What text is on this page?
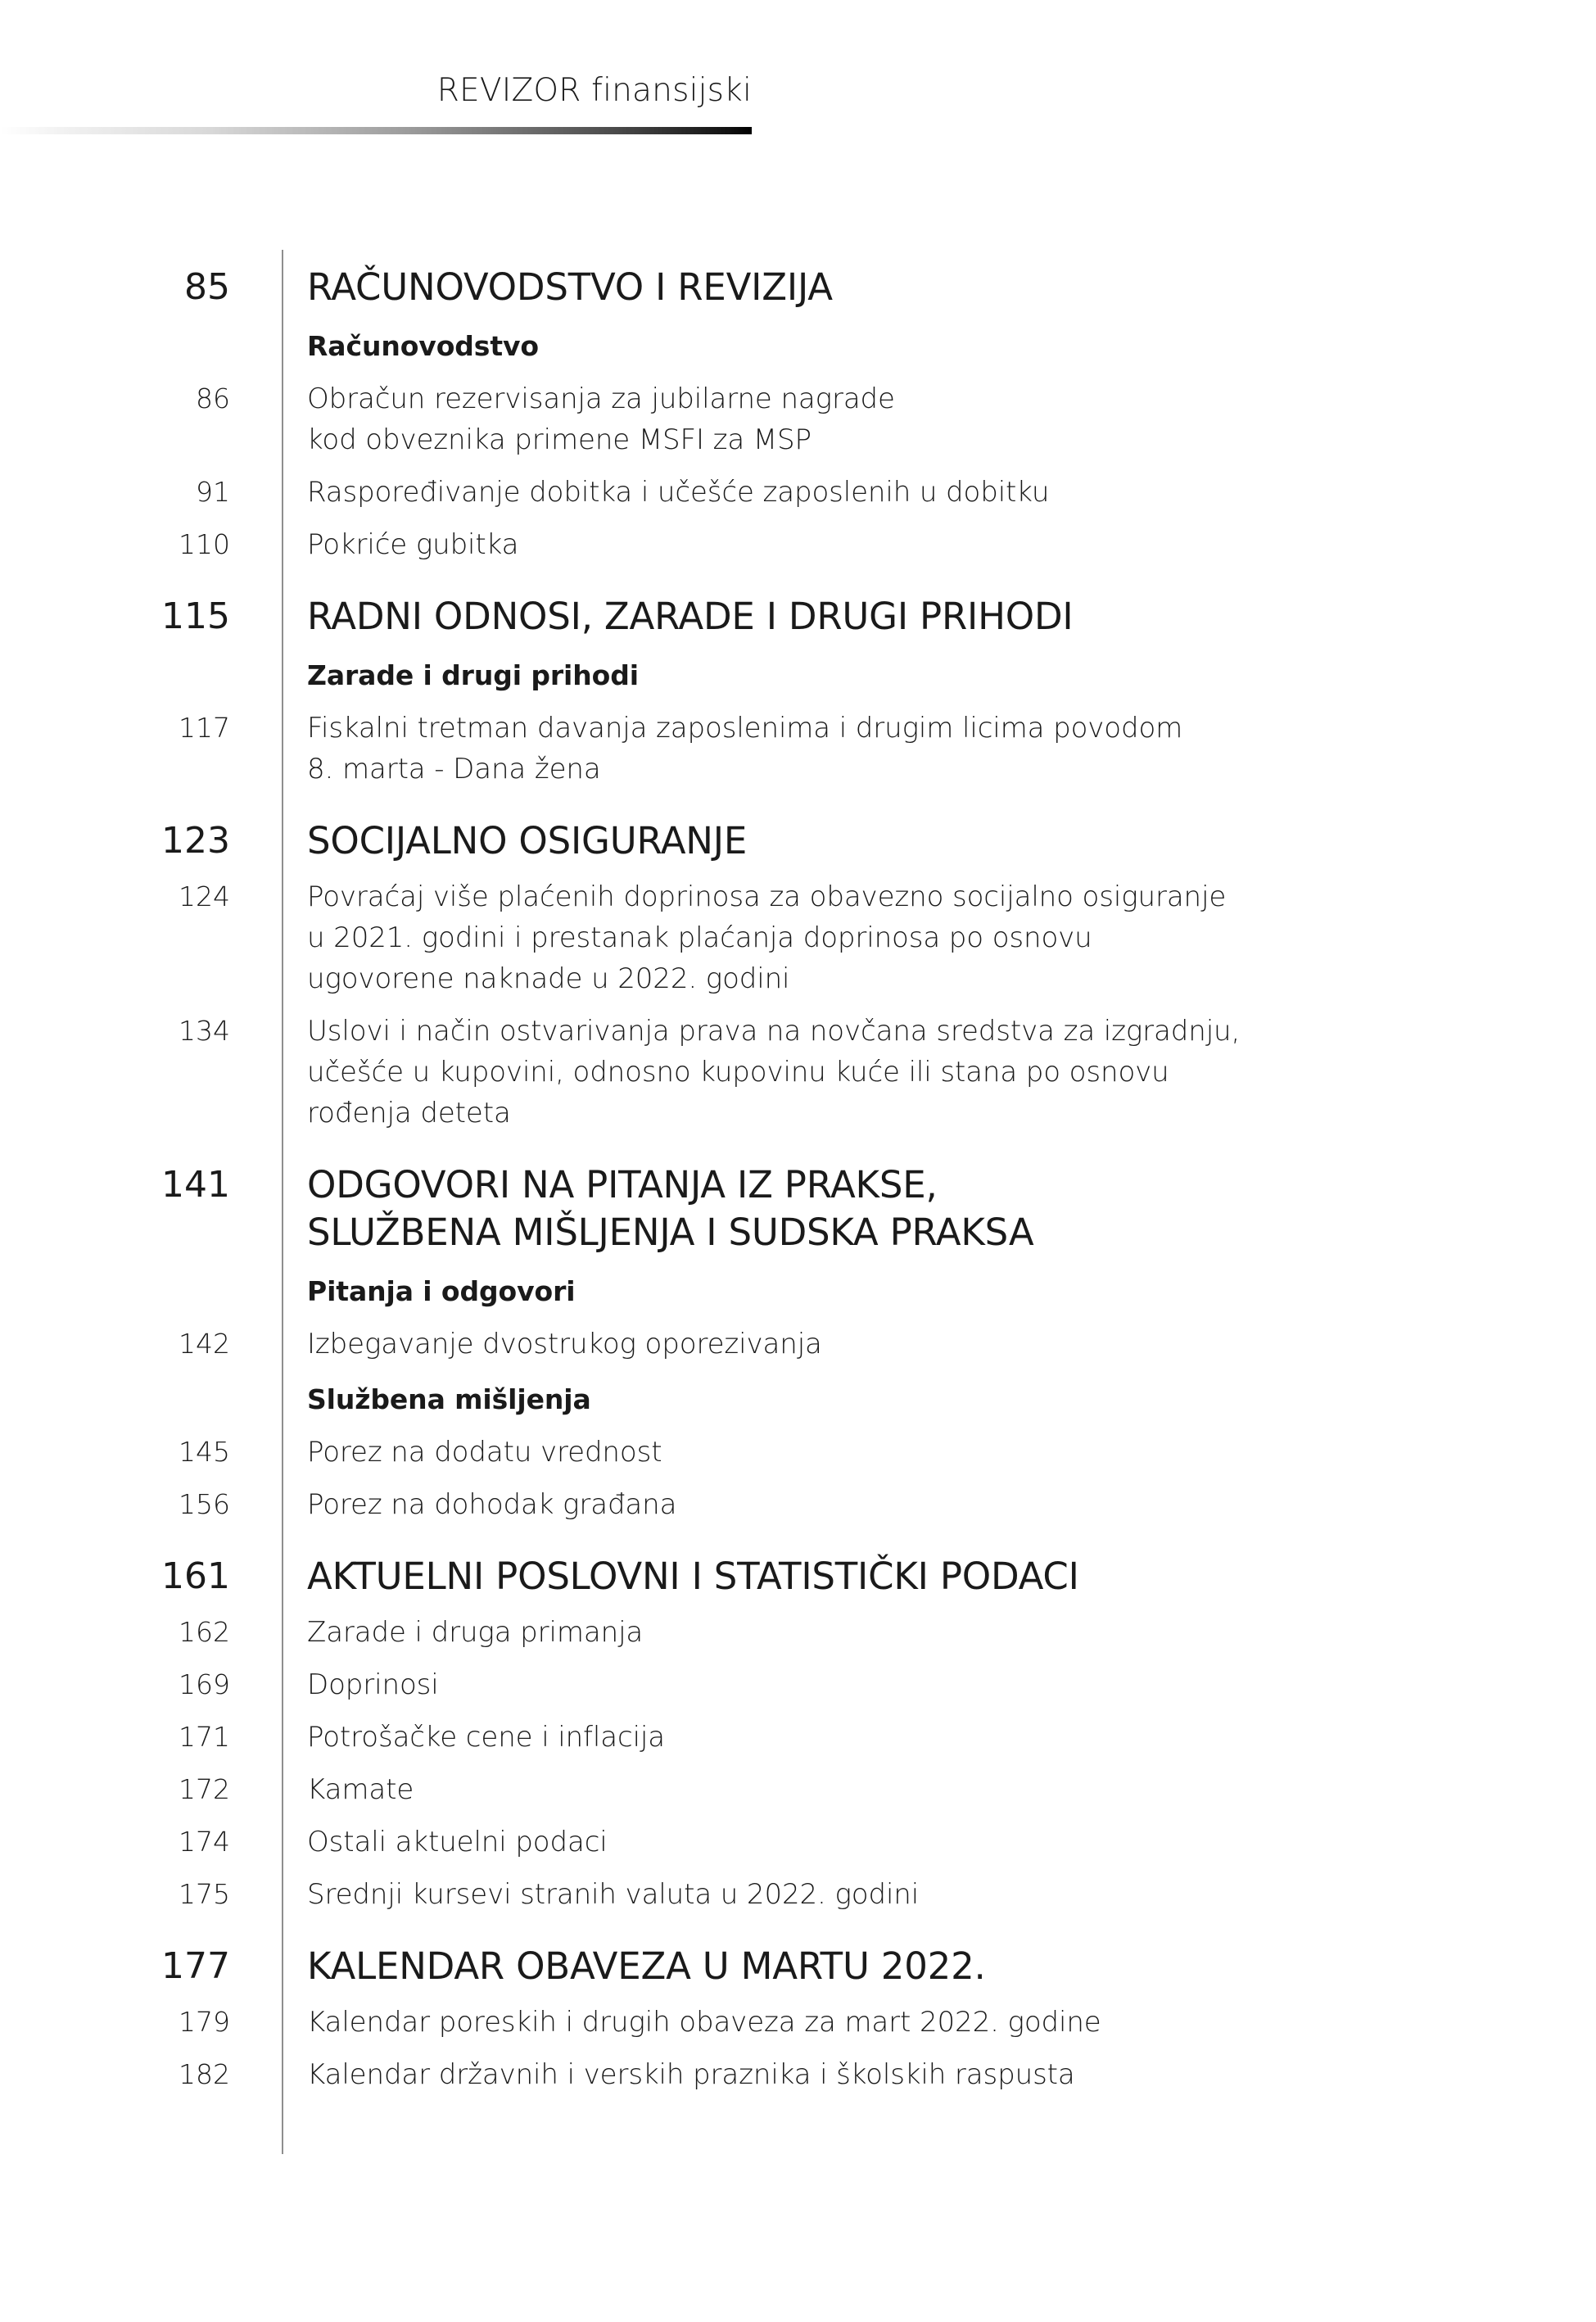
REVIZOR finansijski
85	RAČUNOVODSTVO I REVIZIJA
Računovodstvo
86	Obračun rezervisanja za jubilarne nagrade
kod obveznika primene MSFI za MSP
91	Raspoređivanje dobitka i učešće zaposlenih u dobitku
110	Pokriće gubitka
115	RADNI ODNOSI, ZARADE I DRUGI PRIHODI
Zarade i drugi prihodi
117	Fiskalni tretman davanja zaposlenima i drugim licima povodom
8. marta - Dana žena
123	SOCIJALNO OSIGURANJE
124	Povraćaj više plaćenih doprinosa za obavezno socijalno osiguranje
u 2021. godini i prestanak plaćanja doprinosa po osnovu
ugovorene naknade u 2022. godini
134	Uslovi i način ostvarivanja prava na novčana sredstva za izgradnju,
učešće u kupovini, odnosno kupovinu kuće ili stana po osnovu
rođenja deteta
141	ODGOVORI NA PITANJA IZ PRAKSE,
SLUŽBENA MIŠLJENJA I SUDSKA PRAKSA
Pitanja i odgovori
142	Izbegavanje dvostrukog oporezivanja
Službena mišljenja
145	Porez na dodatu vrednost
156	Porez na dohodak građana
161	AKTUELNI POSLOVNI I STATISTIČKI PODACI
162	Zarade i druga primanja
169	Doprinosi
171	Potrošačke cene i inflacija
172	Kamate
174	Ostali aktuelni podaci
175	Srednji kursevi stranih valuta u 2022. godini
177	KALENDAR OBAVEZA U MARTU 2022.
179	Kalendar poreskih i drugih obaveza za mart 2022. godine
182	Kalendar državnih i verskih praznika i školskih raspusta
